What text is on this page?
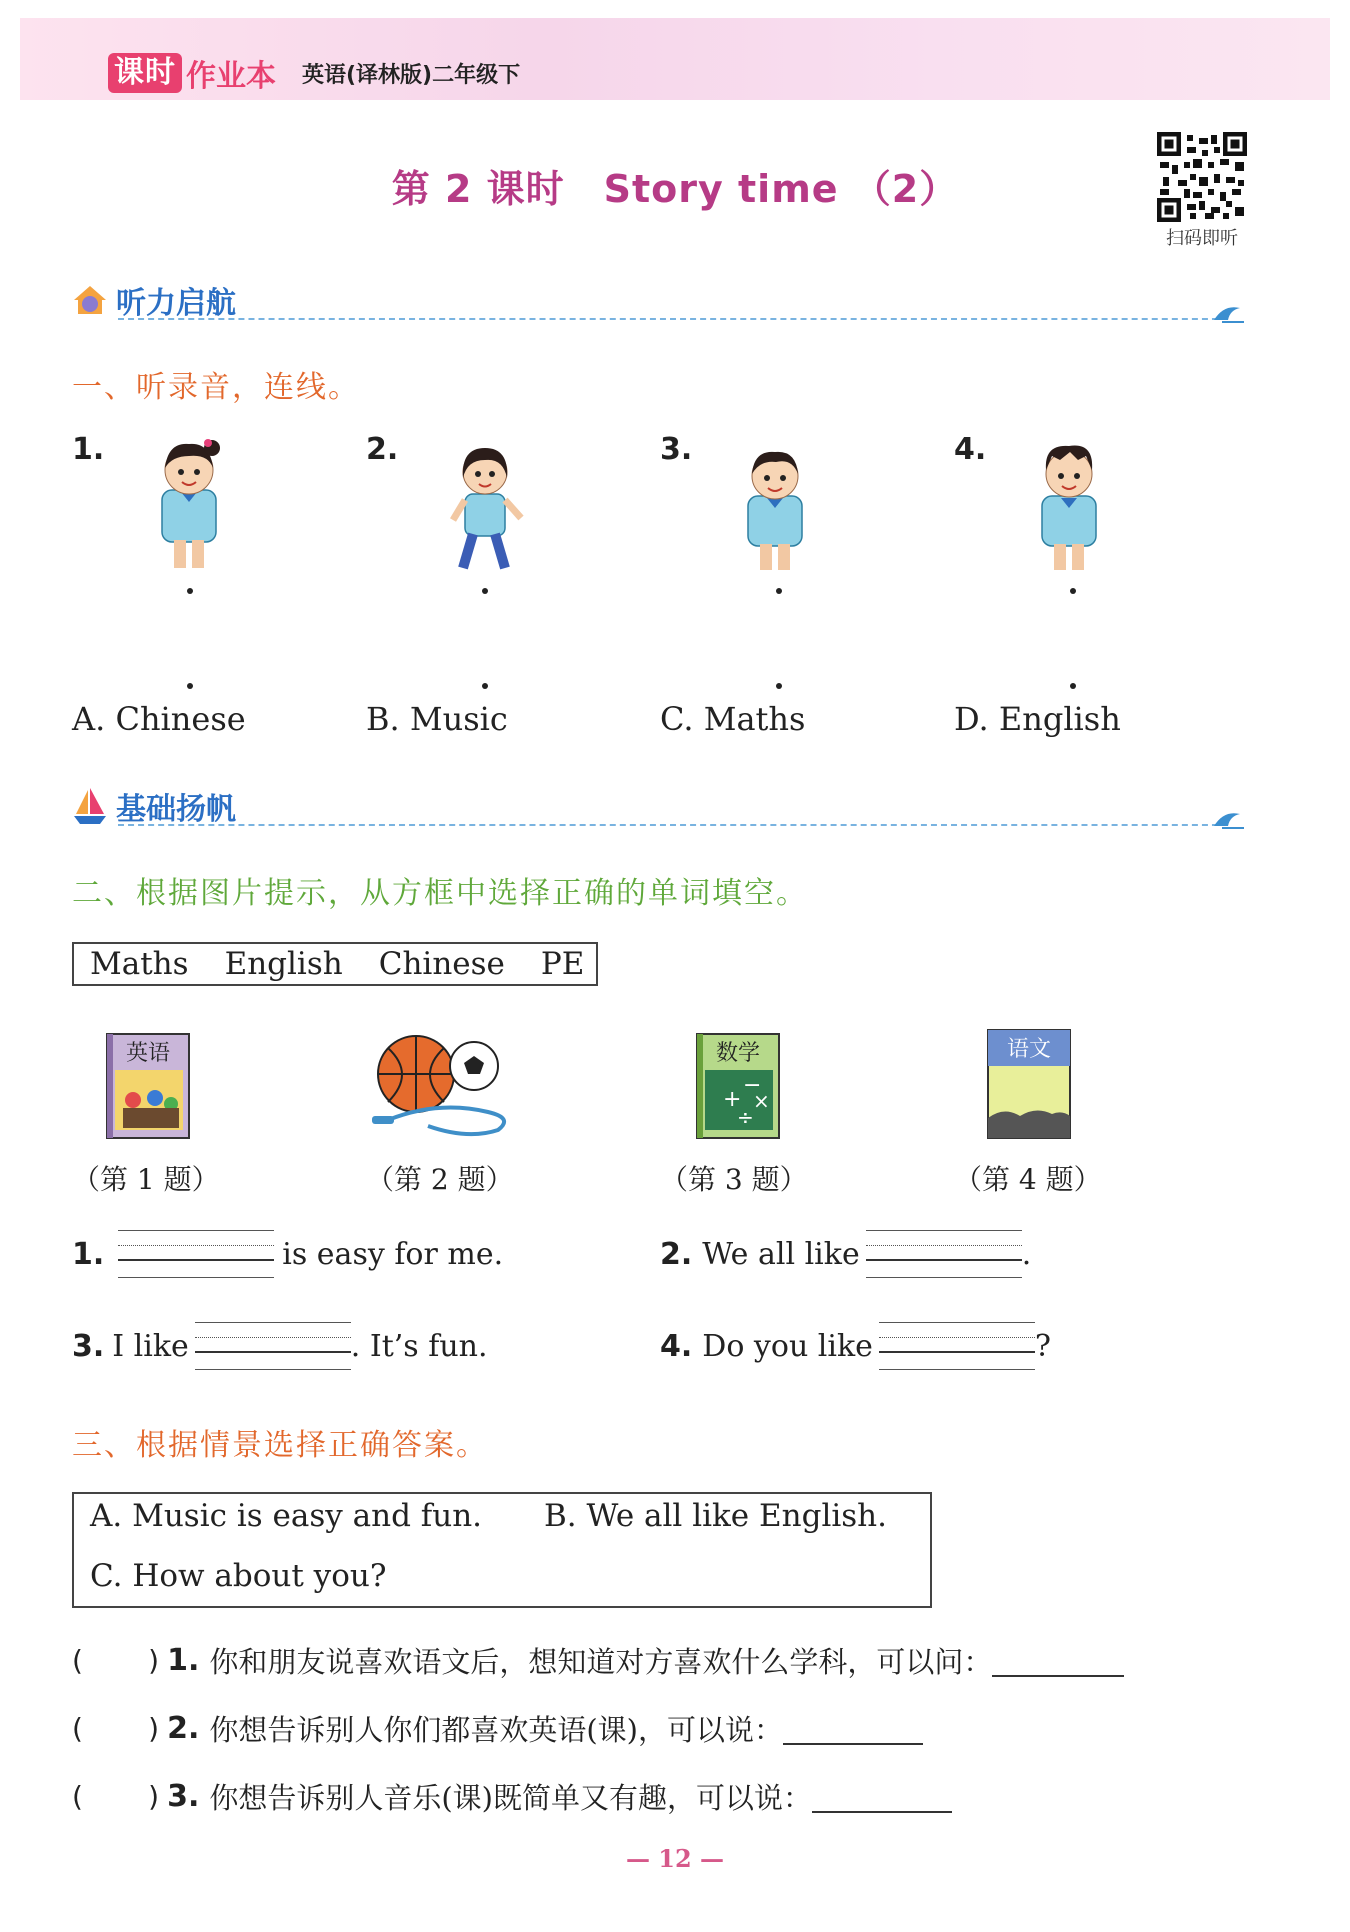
课时 作业本 英语(译林版)二年级下
第 2 课时　Story time （2）
扫码即听
听力启航
一、听录音，连线。
1.	2.	3.	4.
A. Chinese	B. Music	C. Maths	D. English
基础扬帆
二、根据图片提示，从方框中选择正确的单词填空。
Maths English Chinese PE
英语
+
−
×
÷
数学	语文
（第 1 题）	（第 2 题）	（第 3 题）	（第 4 题）
1.	is easy for me.	2. We all like	.
3. I like	. It’s fun.	4. Do you like	?
三、根据情景选择正确答案。
A. Music is easy and fun. B. We all like English.
C. How about you?
(   ) 1. 你和朋友说喜欢语文后，想知道对方喜欢什么学科，可以问：
(   ) 2. 你想告诉别人你们都喜欢英语(课)，可以说：
(   ) 3. 你想告诉别人音乐(课)既简单又有趣，可以说：
— 12 —
